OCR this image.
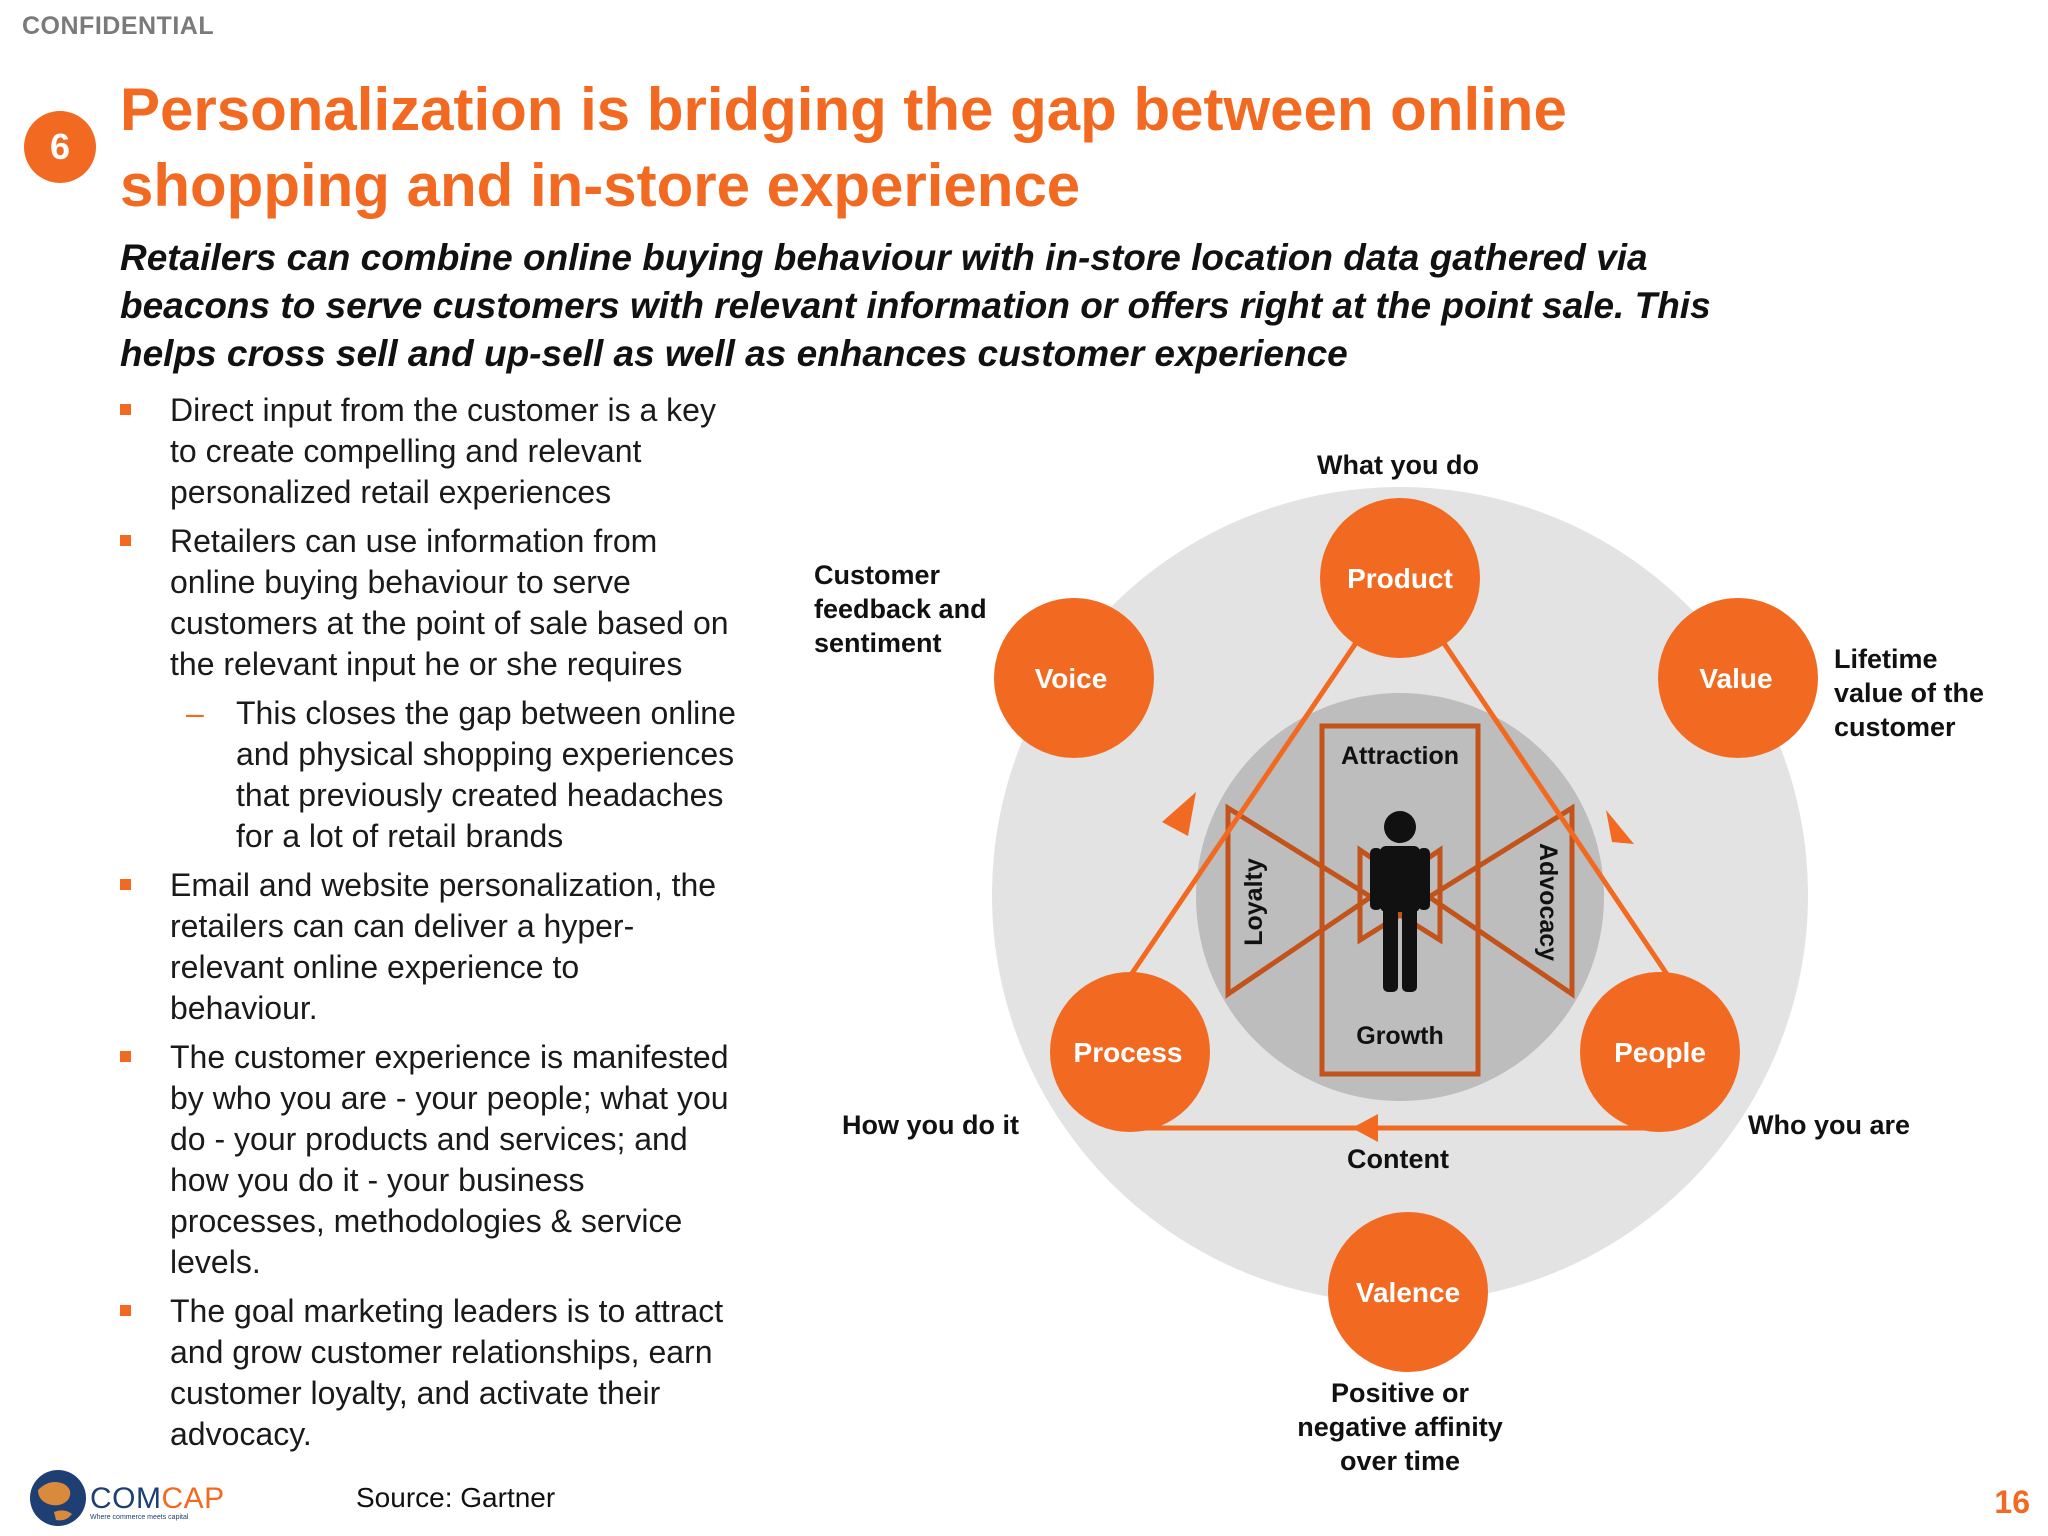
CONFIDENTIAL
6
Personalization is bridging the gap between online
shopping and in-store experience
Retailers can combine online buying behaviour with in-store location data gathered via
beacons to serve customers with relevant information or offers right at the point sale. This
helps cross sell and up-sell as well as enhances customer experience
Direct input from the customer is a key
to create compelling and relevant
personalized retail experiences
Retailers can use information from
online buying behaviour to serve
customers at the point of sale based on
the relevant input he or she requires
– This closes the gap between online
and physical shopping experiences
that previously created headaches
for a lot of retail brands
Email and website personalization, the
retailers can can deliver a hyper-
relevant online experience to
behaviour.
The customer experience is manifested
by who you are - your people; what you
do - your products and services; and
how you do it - your business
processes, methodologies & service
levels.
The goal marketing leaders is to attract
and grow customer relationships, earn
customer loyalty, and activate their
advocacy.
Product
Voice	Value
Process	People
Valence
What you do
Customer
feedback and
sentiment
Lifetime
value of the
customer
How you do it	Who you are
Content
Positive or
negative affinity
over time
Attraction
Growth
Loyalty	Advocacy
COMCAP
Where commerce meets capital
Source: Gartner	16
